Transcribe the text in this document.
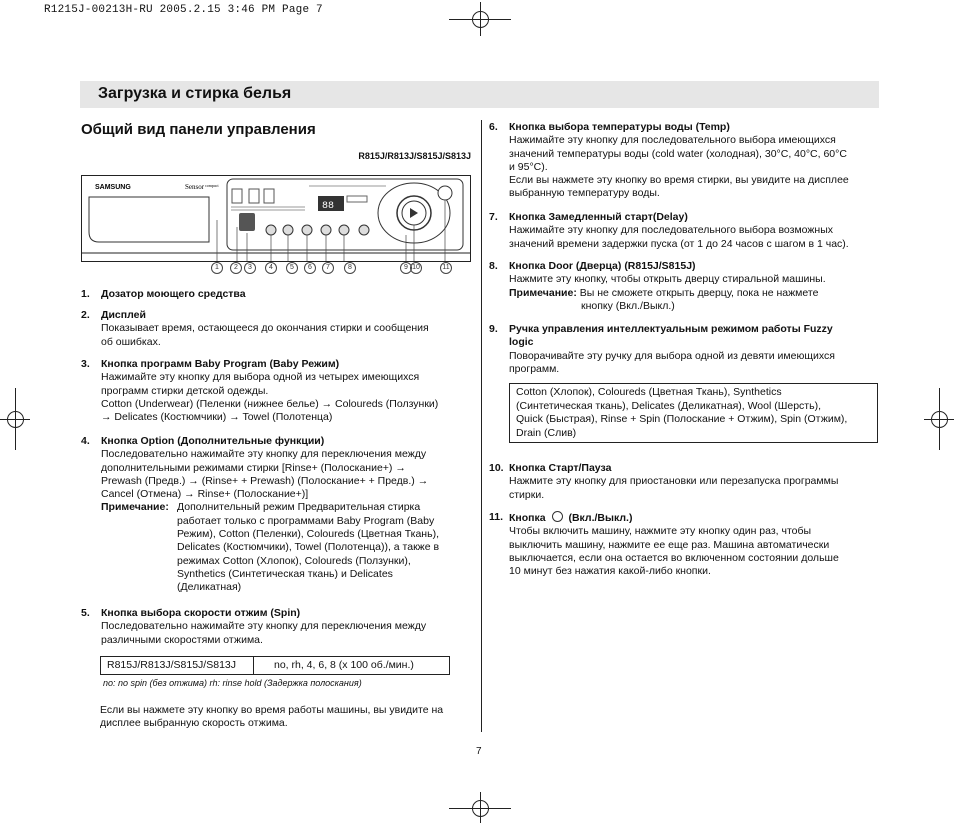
R1215J-00213H-RU 2005.2.15 3:46 PM Page 7
Загрузка и стирка белья
Общий вид панели управления
R815J/R813J/S815J/S813J
SAMSUNG	Sensor compact
88
1	2	3	4	5	6	7	8	9 10	11
1. Дозатор моющего средства
2. Дисплей
Показывает время, остающееся до окончания стирки и сообщения
об ошибках.
3. Кнопка программ Baby Program (Baby Режим)
Нажимайте эту кнопку для выбора одной из четырех имеющихся
программ стирки детской одежды.
Cotton (Underwear) (Пеленки (нижнее белье) → Coloureds (Ползунки)
→ Delicates (Костюмчики) → Towel (Полотенца)
4. Кнопка Option (Дополнительные функции)
Последовательно нажимайте эту кнопку для переключения между
дополнительными режимами стирки [Rinse+ (Полоскание+) →
Prewash (Предв.) → (Rinse+ + Prewash) (Полоскание+ + Предв.) →
Cancel (Отмена) → Rinse+ (Полоскание+)]
Примечание: Дополнительный режим Предварительная стирка
работает только с программами Baby Program (Baby
Режим), Cotton (Пеленки), Coloureds (Цветная Ткань),
Delicates (Костюмчики), Towel (Полотенца)), а также в
режимах Cotton (Хлопок), Coloureds (Ползунки),
Synthetics (Синтетическая ткань) и Delicates
(Деликатная)
5. Кнопка выбора скорости отжим (Spin)
Последовательно нажимайте эту кнопку для переключения между
различными скоростями отжима.
R815J/R813J/S815J/S813J	no, rh, 4, 6, 8 (x 100 об./мин.)
no: no spin (без отжима) rh: rinse hold (Задержка полоскания)
Если вы нажмете эту кнопку во время работы машины, вы увидите на
дисплее выбранную скорость отжима.
6. Кнопка выбора температуры воды (Temp)
Нажимайте эту кнопку для последовательного выбора имеющихся
значений температуры воды (cold water (холодная), 30°C, 40°C, 60°C
и 95°C).
Если вы нажмете эту кнопку во время стирки, вы увидите на дисплее
выбранную температуру воды.
7. Кнопка Замедленный старт(Delay)
Нажимайте эту кнопку для последовательного выбора возможных
значений времени задержки пуска (от 1 до 24 часов с шагом в 1 час).
8. Кнопка Door (Дверца) (R815J/S815J)
Нажмите эту кнопку, чтобы открыть дверцу стиральной машины.
Примечание: Вы не сможете открыть дверцу, пока не нажмете
кнопку (Вкл./Выкл.)
9. Ручка управления интеллектуальным режимом работы Fuzzy
logic
Поворачивайте эту ручку для выбора одной из девяти имеющихся
программ.
Cotton (Хлопок), Coloureds (Цветная Ткань), Synthetics
(Синтетическая ткань), Delicates (Деликатная), Wool (Шерсть),
Quick (Быстрая), Rinse + Spin (Полоскание + Отжим), Spin (Отжим),
Drain (Слив)
10. Кнопка Старт/Пауза
Нажмите эту кнопку для приостановки или перезапуска программы
стирки.
11. Кнопка (Вкл./Выкл.)
Чтобы включить машину, нажмите эту кнопку один раз, чтобы
выключить машину, нажмите ее еще раз. Машина автоматически
выключается, если она остается во включенном состоянии дольше
10 минут без нажатия какой-либо кнопки.
7
